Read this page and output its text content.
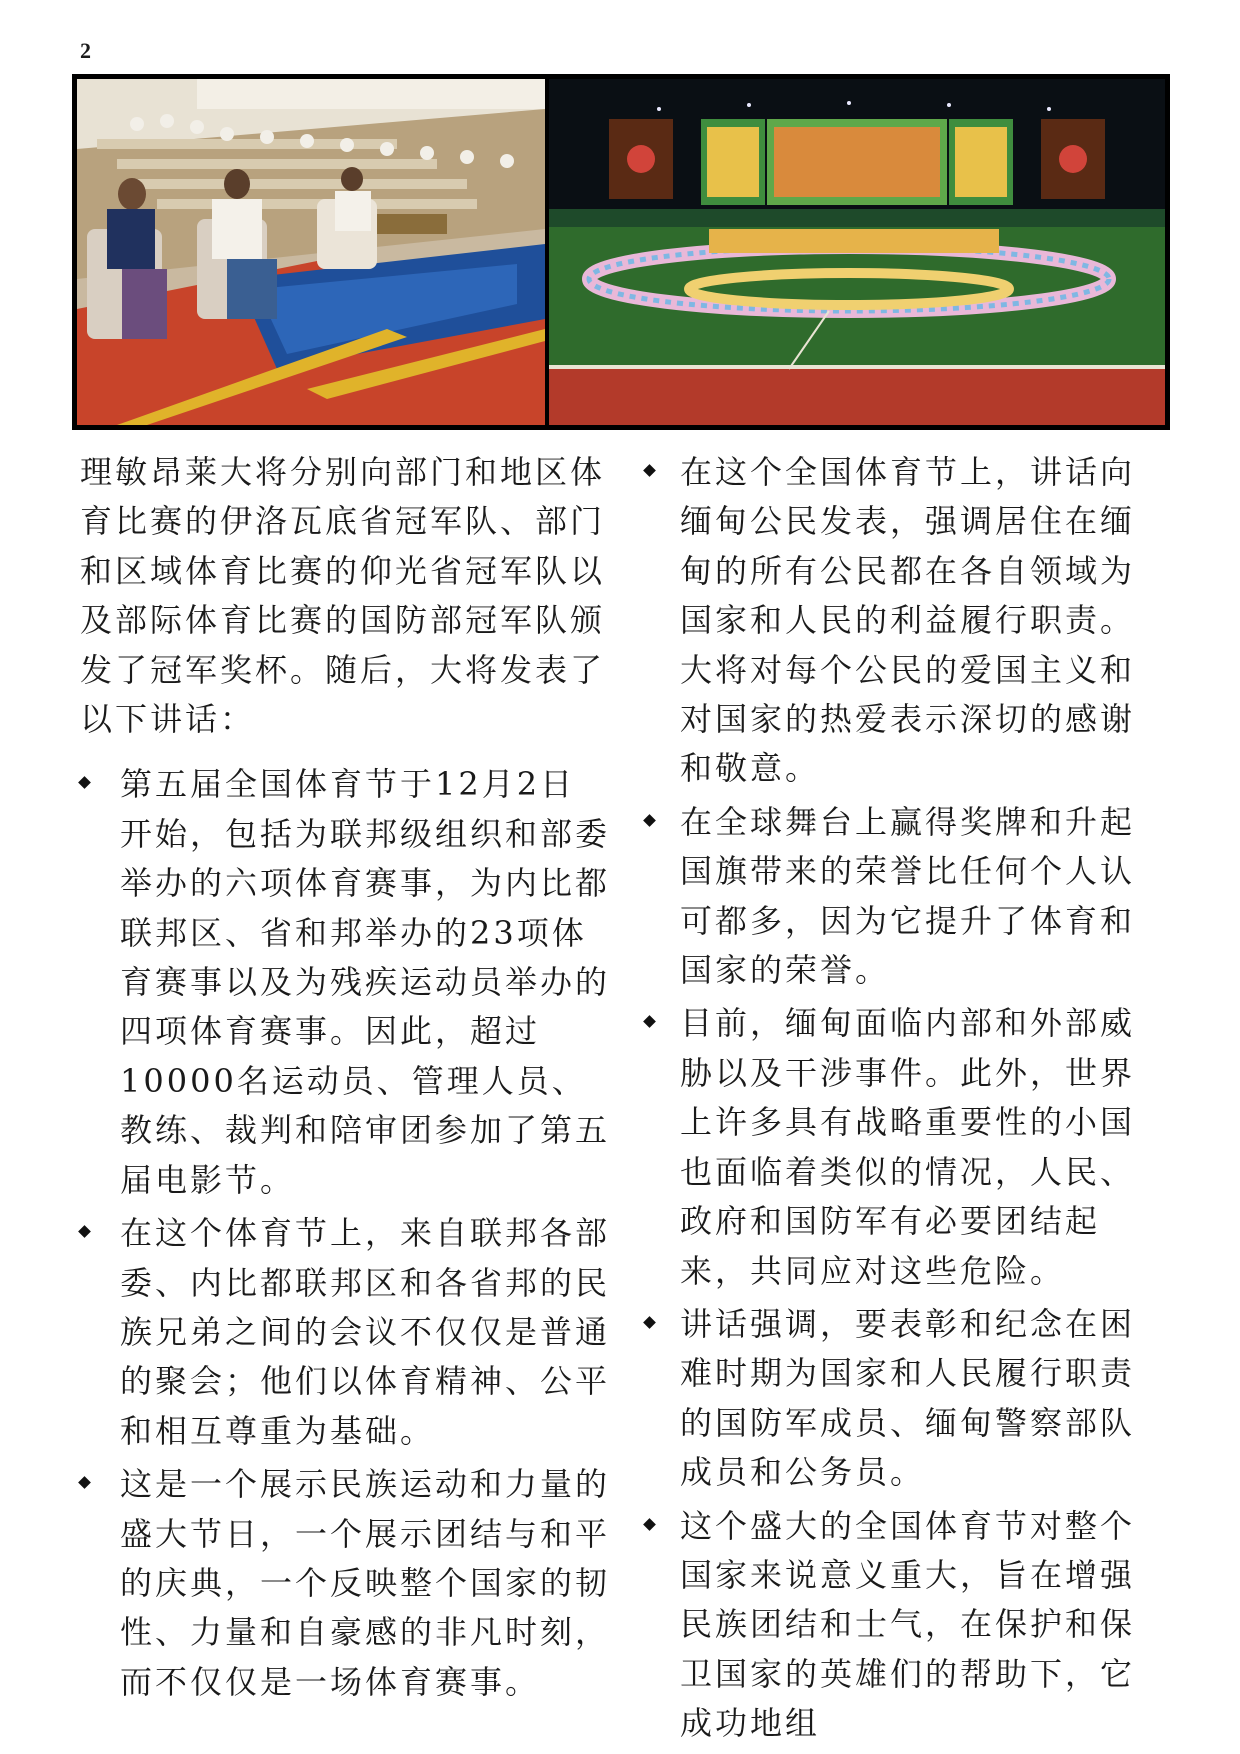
2

理敏昂莱大将分别向部门和地区体育比赛的伊洛瓦底省冠军队、部门和区域体育比赛的仰光省冠军队以及部际体育比赛的国防部冠军队颁发了冠军奖杯。随后，大将发表了以下讲话：

第五届全国体育节于12月2日开始，包括为联邦级组织和部委举办的六项体育赛事，为内比都联邦区、省和邦举办的23项体育赛事以及为残疾运动员举办的四项体育赛事。因此，超过10000名运动员、管理人员、教练、裁判和陪审团参加了第五届电影节。
在这个体育节上，来自联邦各部委、内比都联邦区和各省邦的民族兄弟之间的会议不仅仅是普通的聚会；他们以体育精神、公平和相互尊重为基础。
这是一个展示民族运动和力量的盛大节日，一个展示团结与和平的庆典，一个反映整个国家的韧性、力量和自豪感的非凡时刻，而不仅仅是一场体育赛事。
在这个全国体育节上，讲话向缅甸公民发表，强调居住在缅甸的所有公民都在各自领域为国家和人民的利益履行职责。大将对每个公民的爱国主义和对国家的热爱表示深切的感谢和敬意。
在全球舞台上赢得奖牌和升起国旗带来的荣誉比任何个人认可都多，因为它提升了体育和国家的荣誉。
目前，缅甸面临内部和外部威胁以及干涉事件。此外，世界上许多具有战略重要性的小国也面临着类似的情况，人民、政府和国防军有必要团结起来，共同应对这些危险。
讲话强调，要表彰和纪念在困难时期为国家和人民履行职责的国防军成员、缅甸警察部队成员和公务员。
这个盛大的全国体育节对整个国家来说意义重大，旨在增强民族团结和士气，在保护和保卫国家的英雄们的帮助下，它成功地组
